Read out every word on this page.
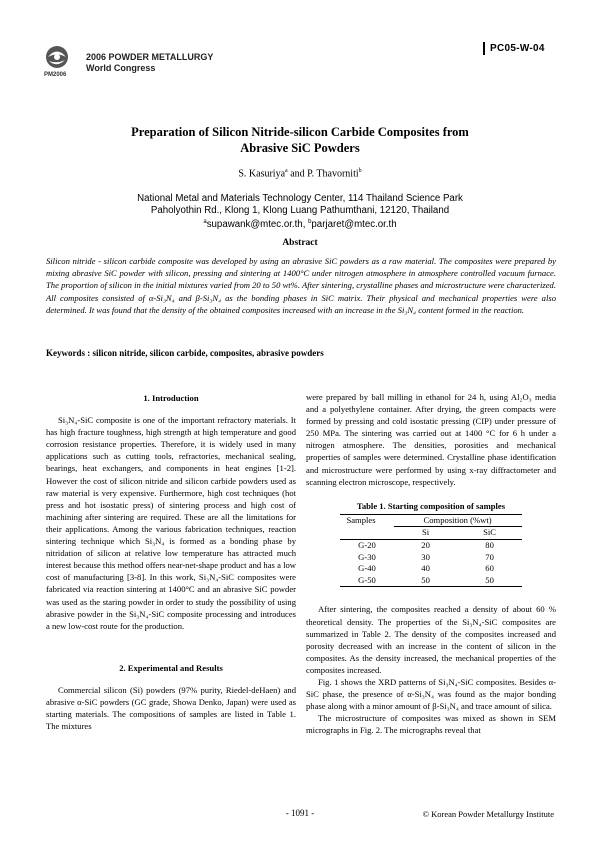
PM2006
2006 POWDER METALLURGY
World Congress
PC05-W-04
Preparation of Silicon Nitride-silicon Carbide Composites from
Abrasive SiC Powders
S. Kasuriya$^a$ and P. Thavorniti$^b$
National Metal and Materials Technology Center, 114 Thailand Science Park
Paholyothin Rd., Klong 1, Klong Luang Pathumthani, 12120, Thailand
$^a$supawank@mtec.or.th, $^b$parjaret@mtec.or.th
Abstract
Silicon nitride - silicon carbide composite was developed by using an abrasive SiC powders as a raw material. The composites were prepared by mixing abrasive SiC powder with silicon, pressing and sintering at 1400°C under nitrogen atmosphere in atmosphere controlled vacuum furnace. The proportion of silicon in the initial mixtures varied from 20 to 50 wt%. After sintering, crystalline phases and microstructure were characterized. All composites consisted of α-Si₃N₄ and β-Si₃N₄ as the bonding phases in SiC matrix. Their physical and mechanical properties were also determined. It was found that the density of the obtained composites increased with an increase in the Si₃N₄ content formed in the reaction.
Keywords : silicon nitride, silicon carbide, composites, abrasive powders
1. Introduction

Si₃N₄-SiC composite is one of the important refractory materials. It has high fracture toughness, high strength at high temperature and good corrosion resistance properties. Therefore, it is widely used in many applications such as cutting tools, refractories, mechanical sealing, bearings, heat exchangers, and components in heat engines [1-2]. However the cost of silicon nitride and silicon carbide powders used as raw material is very expensive. Furthermore, high cost techniques (hot press and hot isostatic press) of sintering process and high cost of machining after sintering are required. These are all the limitations for their applications. Among the various fabrication techniques, reaction sintering technique which Si₃N₄ is formed as a bonding phase by nitridation of silicon at relative low temperature has attracted much interest because this method offers near-net-shape product and has a low cost of manufacturing [3-8]. In this work, Si₃N₄-SiC composites were fabricated via reaction sintering at 1400°C and an abrasive SiC powder was used as the staring powder in order to study the possibility of using abrasive powder in the Si₃N₄-SiC composite processing and introduces a new low-cost route for the production.

2. Experimental and Results

Commercial silicon (Si) powders (97% purity, Riedel-deHaen) and abrasive α-SiC powders (GC grade, Showa Denko, Japan) were used as starting materials. The compositions of samples are listed in Table 1. The mixtures

were prepared by ball milling in ethanol for 24 h, using Al₂O₃ media and a polyethylene container. After drying, the green compacts were formed by pressing and cold isostatic pressing (CIP) under pressure of 250 MPa. The sintering was carried out at 1400 °C for 6 h under a nitrogen atmosphere. The densities, porosities and mechanical properties of samples were determined. Crystalline phase identification and microstructure were performed by using x-ray diffractometer and scanning electron microscope, respectively.

Table 1. Starting composition of samples
Samples	Composition (%wt)	
	Si	SiC
G-20	20	80
G-30	30	70
G-40	40	60
G-50	50	50

After sintering, the composites reached a density of about 60 % theoretical density. The properties of the Si₃N₄-SiC composites are summarized in Table 2. The density of the composites increased and porosity decreased with an increase in the content of silicon in the composites. As the density increased, the mechanical properties of the composites increased.

Fig. 1 shows the XRD patterns of Si₃N₄-SiC composites. Besides α-SiC phase, the presence of α-Si₃N₄ was found as the major bonding phase along with a minor amount of β-Si₃N₄ and trace amount of silica.

The microstructure of composites was mixed as shown in SEM micrographs in Fig. 2. The micrographs reveal that

- 1091 -	© Korean Powder Metallurgy Institute
